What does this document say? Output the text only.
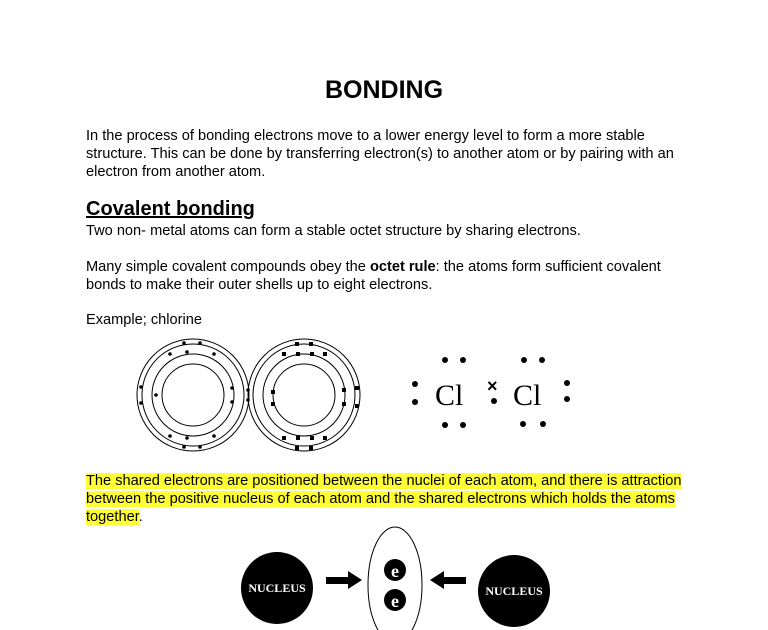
BONDING
In the process of bonding electrons move to a lower energy level to form a more stable structure. This can be done by transferring electron(s) to another atom or by pairing with an electron from another atom.
Covalent bonding
Two non- metal atoms can form a stable octet structure by sharing electrons.
Many simple covalent compounds obey the octet rule: the atoms form sufficient covalent bonds to make their outer shells up to eight electrons.
Example; chlorine
Cl Cl
×
NUCLEUS	NUCLEUS
e
e
The shared electrons are positioned between the nuclei of each atom, and there is attraction between the positive nucleus of each atom and the shared electrons which holds the atoms together.
